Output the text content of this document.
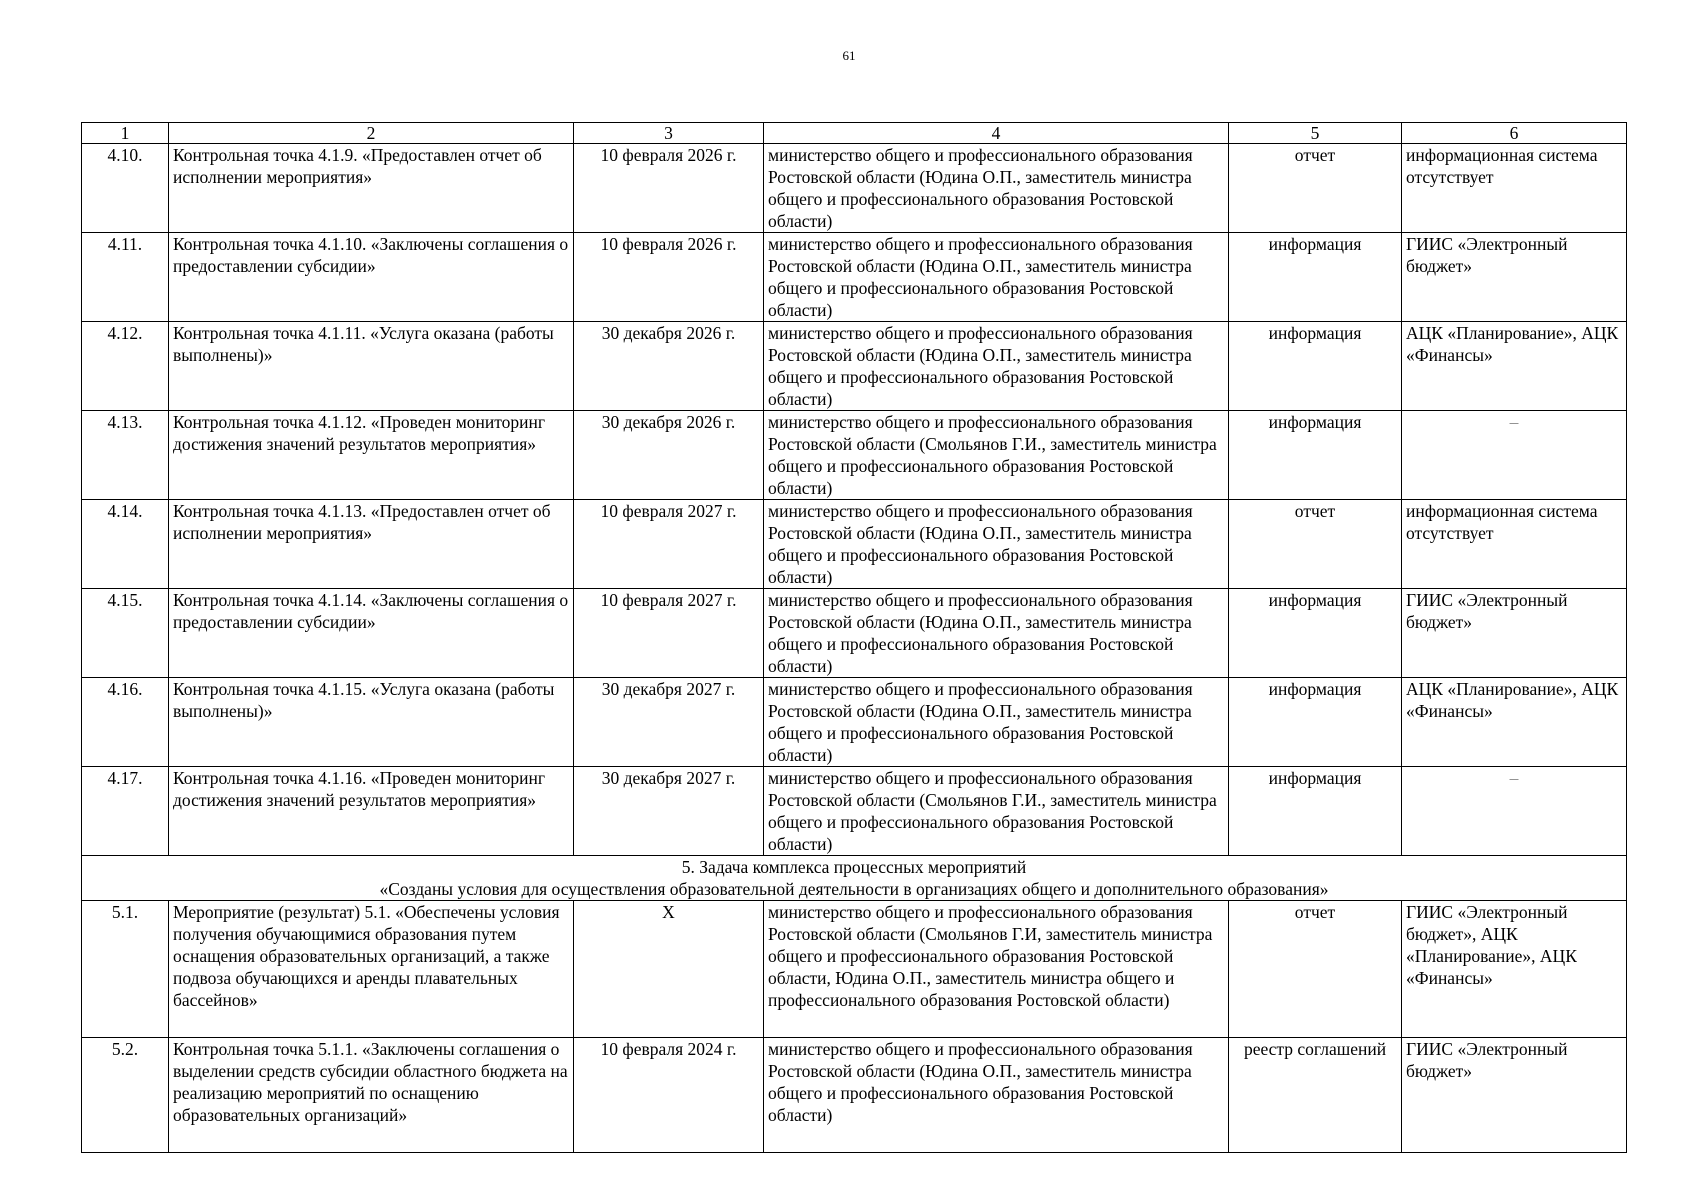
61
1	2	3	4	5	6
4.10.	Контрольная точка 4.1.9. «Предоставлен отчет об исполнении мероприятия»	10 февраля 2026 г.	министерство общего и профессионального образования Ростовской области (Юдина О.П., заместитель министра общего и профессионального образования Ростовской области)	отчет	информационная система отсутствует
4.11.	Контрольная точка 4.1.10. «Заключены соглашения о предоставлении субсидии»	10 февраля 2026 г.	министерство общего и профессионального образования Ростовской области (Юдина О.П., заместитель министра общего и профессионального образования Ростовской области)	информация	ГИИС «Электронный бюджет»
4.12.	Контрольная точка 4.1.11. «Услуга оказана (работы выполнены)»	30 декабря 2026 г.	министерство общего и профессионального образования Ростовской области (Юдина О.П., заместитель министра общего и профессионального образования Ростовской области)	информация	АЦК «Планирование», АЦК «Финансы»
4.13.	Контрольная точка 4.1.12. «Проведен мониторинг достижения значений результатов мероприятия»	30 декабря 2026 г.	министерство общего и профессионального образования Ростовской области (Смольянов Г.И., заместитель министра общего и профессионального образования Ростовской области)	информация	–
4.14.	Контрольная точка 4.1.13. «Предоставлен отчет об исполнении мероприятия»	10 февраля 2027 г.	министерство общего и профессионального образования Ростовской области (Юдина О.П., заместитель министра общего и профессионального образования Ростовской области)	отчет	информационная система отсутствует
4.15.	Контрольная точка 4.1.14. «Заключены соглашения о предоставлении субсидии»	10 февраля 2027 г.	министерство общего и профессионального образования Ростовской области (Юдина О.П., заместитель министра общего и профессионального образования Ростовской области)	информация	ГИИС «Электронный бюджет»
4.16.	Контрольная точка 4.1.15. «Услуга оказана (работы выполнены)»	30 декабря 2027 г.	министерство общего и профессионального образования Ростовской области (Юдина О.П., заместитель министра общего и профессионального образования Ростовской области)	информация	АЦК «Планирование», АЦК «Финансы»
4.17.	Контрольная точка 4.1.16. «Проведен мониторинг достижения значений результатов мероприятия»	30 декабря 2027 г.	министерство общего и профессионального образования Ростовской области (Смольянов Г.И., заместитель министра общего и профессионального образования Ростовской области)	информация	–

5. Задача комплекса процессных мероприятий
«Созданы условия для осуществления образовательной деятельности в организациях общего и дополнительного образования»					

5.1.	Мероприятие (результат) 5.1. «Обеспечены условия получения обучающимися образования путем оснащения образовательных организаций, а также подвоза обучающихся и аренды плавательных бассейнов»	Х	министерство общего и профессионального образования Ростовской области (Смольянов Г.И, заместитель министра общего и профессионального образования Ростовской области, Юдина О.П., заместитель министра общего и профессионального образования Ростовской области)	отчет	ГИИС «Электронный бюджет», АЦК «Планирование», АЦК «Финансы»
5.2.	Контрольная точка 5.1.1. «Заключены соглашения о выделении средств субсидии областного бюджета на реализацию мероприятий по оснащению образовательных организаций»	10 февраля 2024 г.	министерство общего и профессионального образования Ростовской области (Юдина О.П., заместитель министра общего и профессионального образования Ростовской области)	реестр соглашений	ГИИС «Электронный бюджет»
